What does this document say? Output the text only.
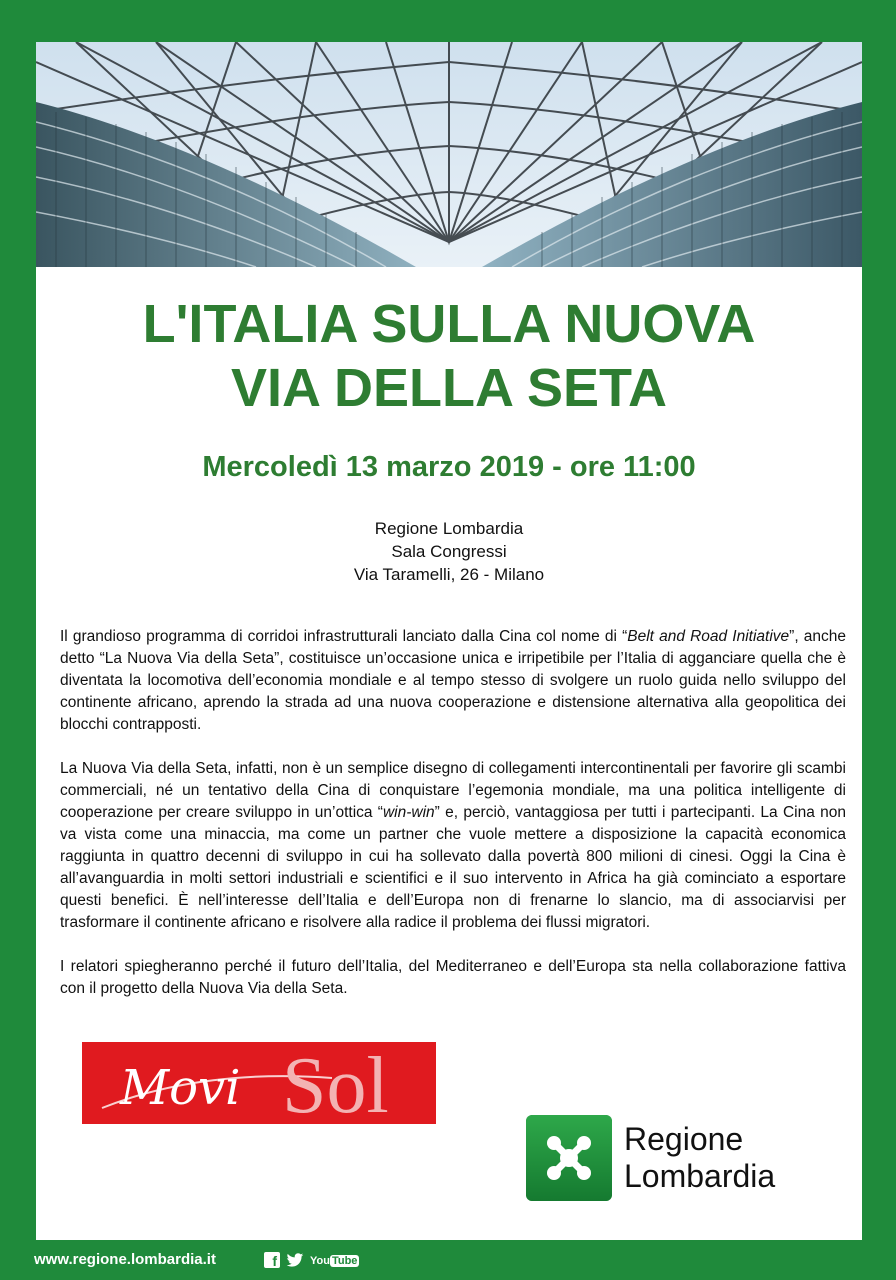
L'ITALIA SULLA NUOVA
VIA DELLA SETA
Mercoledì 13 marzo 2019 - ore 11:00
Regione Lombardia
Sala Congressi
Via Taramelli, 26 - Milano

Il grandioso programma di corridoi infrastrutturali lanciato dalla Cina col nome di “Belt and Road Initiative”, anche detto “La Nuova Via della Seta”, costituisce un’occasione unica e irripetibile per l’Italia di agganciare quella che è diventata la locomotiva dell’economia mondiale e al tempo stesso di svolgere un ruolo guida nello sviluppo del continente africano, aprendo la strada ad una nuova cooperazione e distensione alternativa alla geopolitica dei blocchi contrapposti.

La Nuova Via della Seta, infatti, non è un semplice disegno di collegamenti intercontinentali per favorire gli scambi commerciali, né un tentativo della Cina di conquistare l’egemonia mondiale, ma una politica intelligente di cooperazione per creare sviluppo in un’ottica “win-win” e, perciò, vantaggiosa per tutti i partecipanti. La Cina non va vista come una minaccia, ma come un partner che vuole mettere a disposizione la capacità economica raggiunta in quattro decenni di sviluppo in cui ha sollevato dalla povertà 800 milioni di cinesi. Oggi la Cina è all’avanguardia in molti settori industriali e scientifici e il suo intervento in Africa ha già cominciato a esportare questi benefici. È nell’interesse dell’Italia e dell’Europa non di frenarne lo slancio, ma di associarvisi per trasformare il continente africano e risolvere alla radice il problema dei flussi migratori.

I relatori spiegheranno perché il futuro dell’Italia, del Mediterraneo e dell’Europa sta nella collaborazione fattiva con il progetto della Nuova Via della Seta.

Movi Sol
Regione
Lombardia
www.regione.lombardia.it	f	You Tube
